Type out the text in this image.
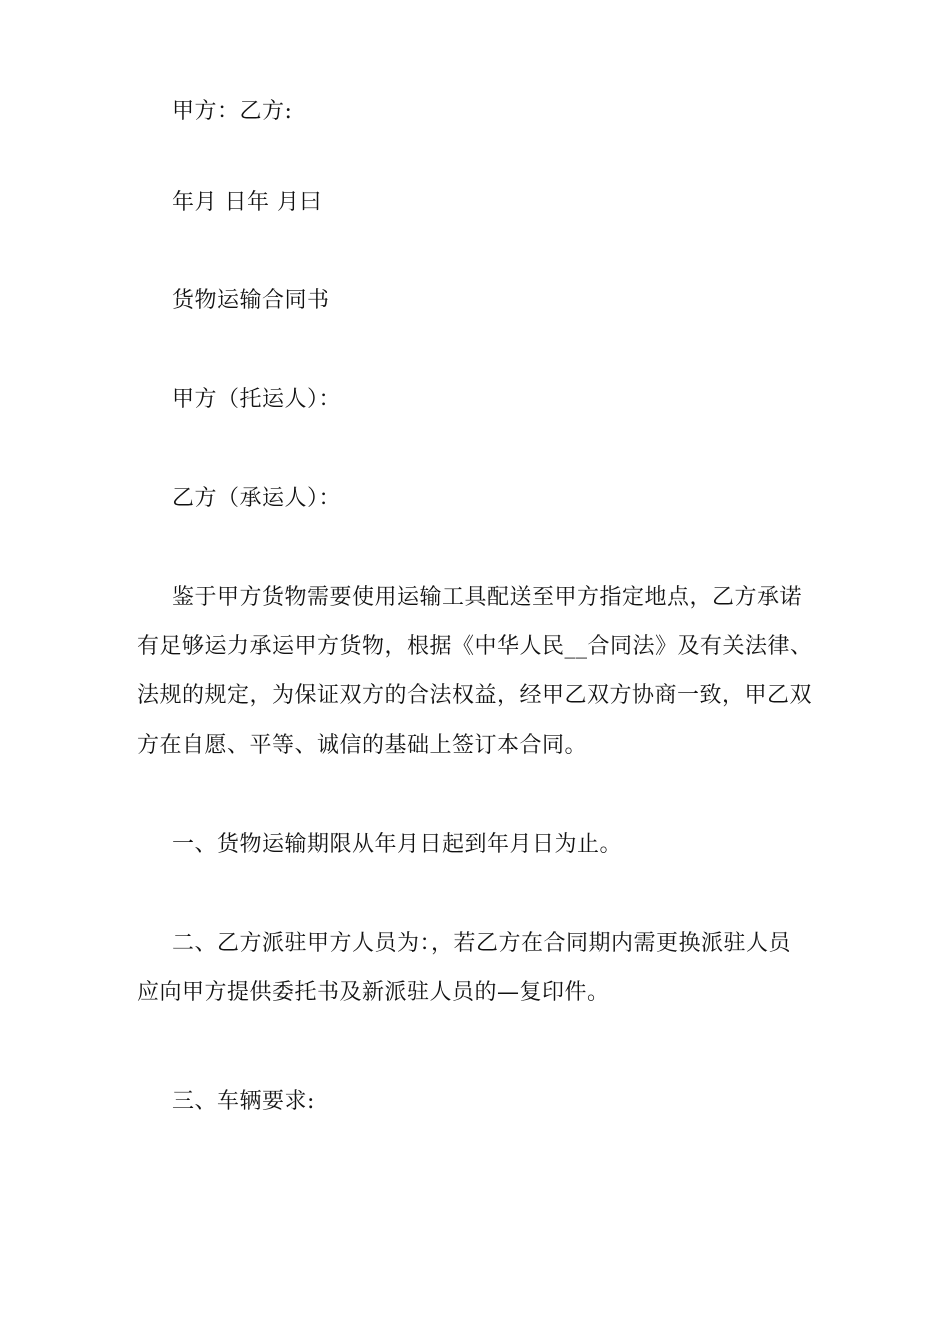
甲方：乙方:
年月 日年 月曰
货物运输合同书
甲方（托运人）：
乙方（承运人）：
鉴于甲方货物需要使用运输工具配送至甲方指定地点，乙方承诺
有足够运力承运甲方货物，根据《中华人民__合同法》及有关法律、
法规的规定，为保证双方的合法权益，经甲乙双方协商一致，甲乙双
方在自愿、平等、诚信的基础上签订本合同。
一、货物运输期限从年月日起到年月日为止。
二、乙方派驻甲方人员为：，若乙方在合同期内需更换派驻人员
应向甲方提供委托书及新派驻人员的—复印件。
三、车辆要求:
